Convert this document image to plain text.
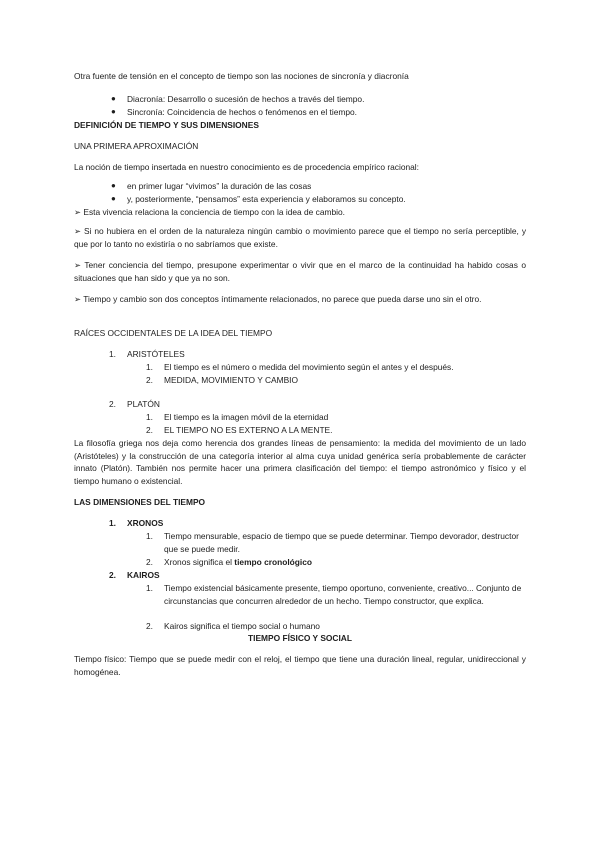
Otra fuente de tensión en el concepto de tiempo son las nociones de sincronía y diacronía

● Diacronía: Desarrollo o sucesión de hechos a través del tiempo.

● Sincronía: Coincidencia de hechos o fenómenos en el tiempo.

DEFINICIÓN DE TIEMPO Y SUS DIMENSIONES

UNA PRIMERA APROXIMACIÓN

La noción de tiempo insertada en nuestro conocimiento es de procedencia empírico racional:

● en primer lugar “vivimos” la duración de las cosas

● y, posteriormente, “pensamos” esta experiencia y elaboramos su concepto.

➢ Esta vivencia relaciona la conciencia de tiempo con la idea de cambio.

➢ Si no hubiera en el orden de la naturaleza ningún cambio o movimiento parece que el tiempo no sería perceptible, y que por lo tanto no existiría o no sabríamos que existe.

➢ Tener conciencia del tiempo, presupone experimentar o vivir que en el marco de la continuidad ha habido cosas o situaciones que han sido y que ya no son.

➢ Tiempo y cambio son dos conceptos íntimamente relacionados, no parece que pueda darse uno sin el otro.

RAÍCES OCCIDENTALES DE LA IDEA DEL TIEMPO

1. ARISTÓTELES

1. El tiempo es el número o medida del movimiento según el antes y el después.

2. MEDIDA, MOVIMIENTO Y CAMBIO

2. PLATÓN

1. El tiempo es la imagen móvil de la eternidad

2. EL TIEMPO NO ES EXTERNO A LA MENTE.

La filosofía griega nos deja como herencia dos grandes líneas de pensamiento: la medida del movimiento de un lado (Aristóteles) y la construcción de una categoría interior al alma cuya unidad genérica sería probablemente de carácter innato (Platón). También nos permite hacer una primera clasificación del tiempo: el tiempo astronómico y físico y el tiempo humano o existencial.

LAS DIMENSIONES DEL TIEMPO

1. XRONOS

1. Tiempo mensurable, espacio de tiempo que se puede determinar. Tiempo devorador, destructor que se puede medir.

2. Xronos significa el tiempo cronológico

2. KAIROS

1. Tiempo existencial básicamente presente, tiempo oportuno, conveniente, creativo... Conjunto de circunstancias que concurren alrededor de un hecho. Tiempo constructor, que explica.

2. Kairos significa el tiempo social o humano

TIEMPO FÍSICO Y SOCIAL

Tiempo físico: Tiempo que se puede medir con el reloj, el tiempo que tiene una duración lineal, regular, unidireccional y homogénea.
